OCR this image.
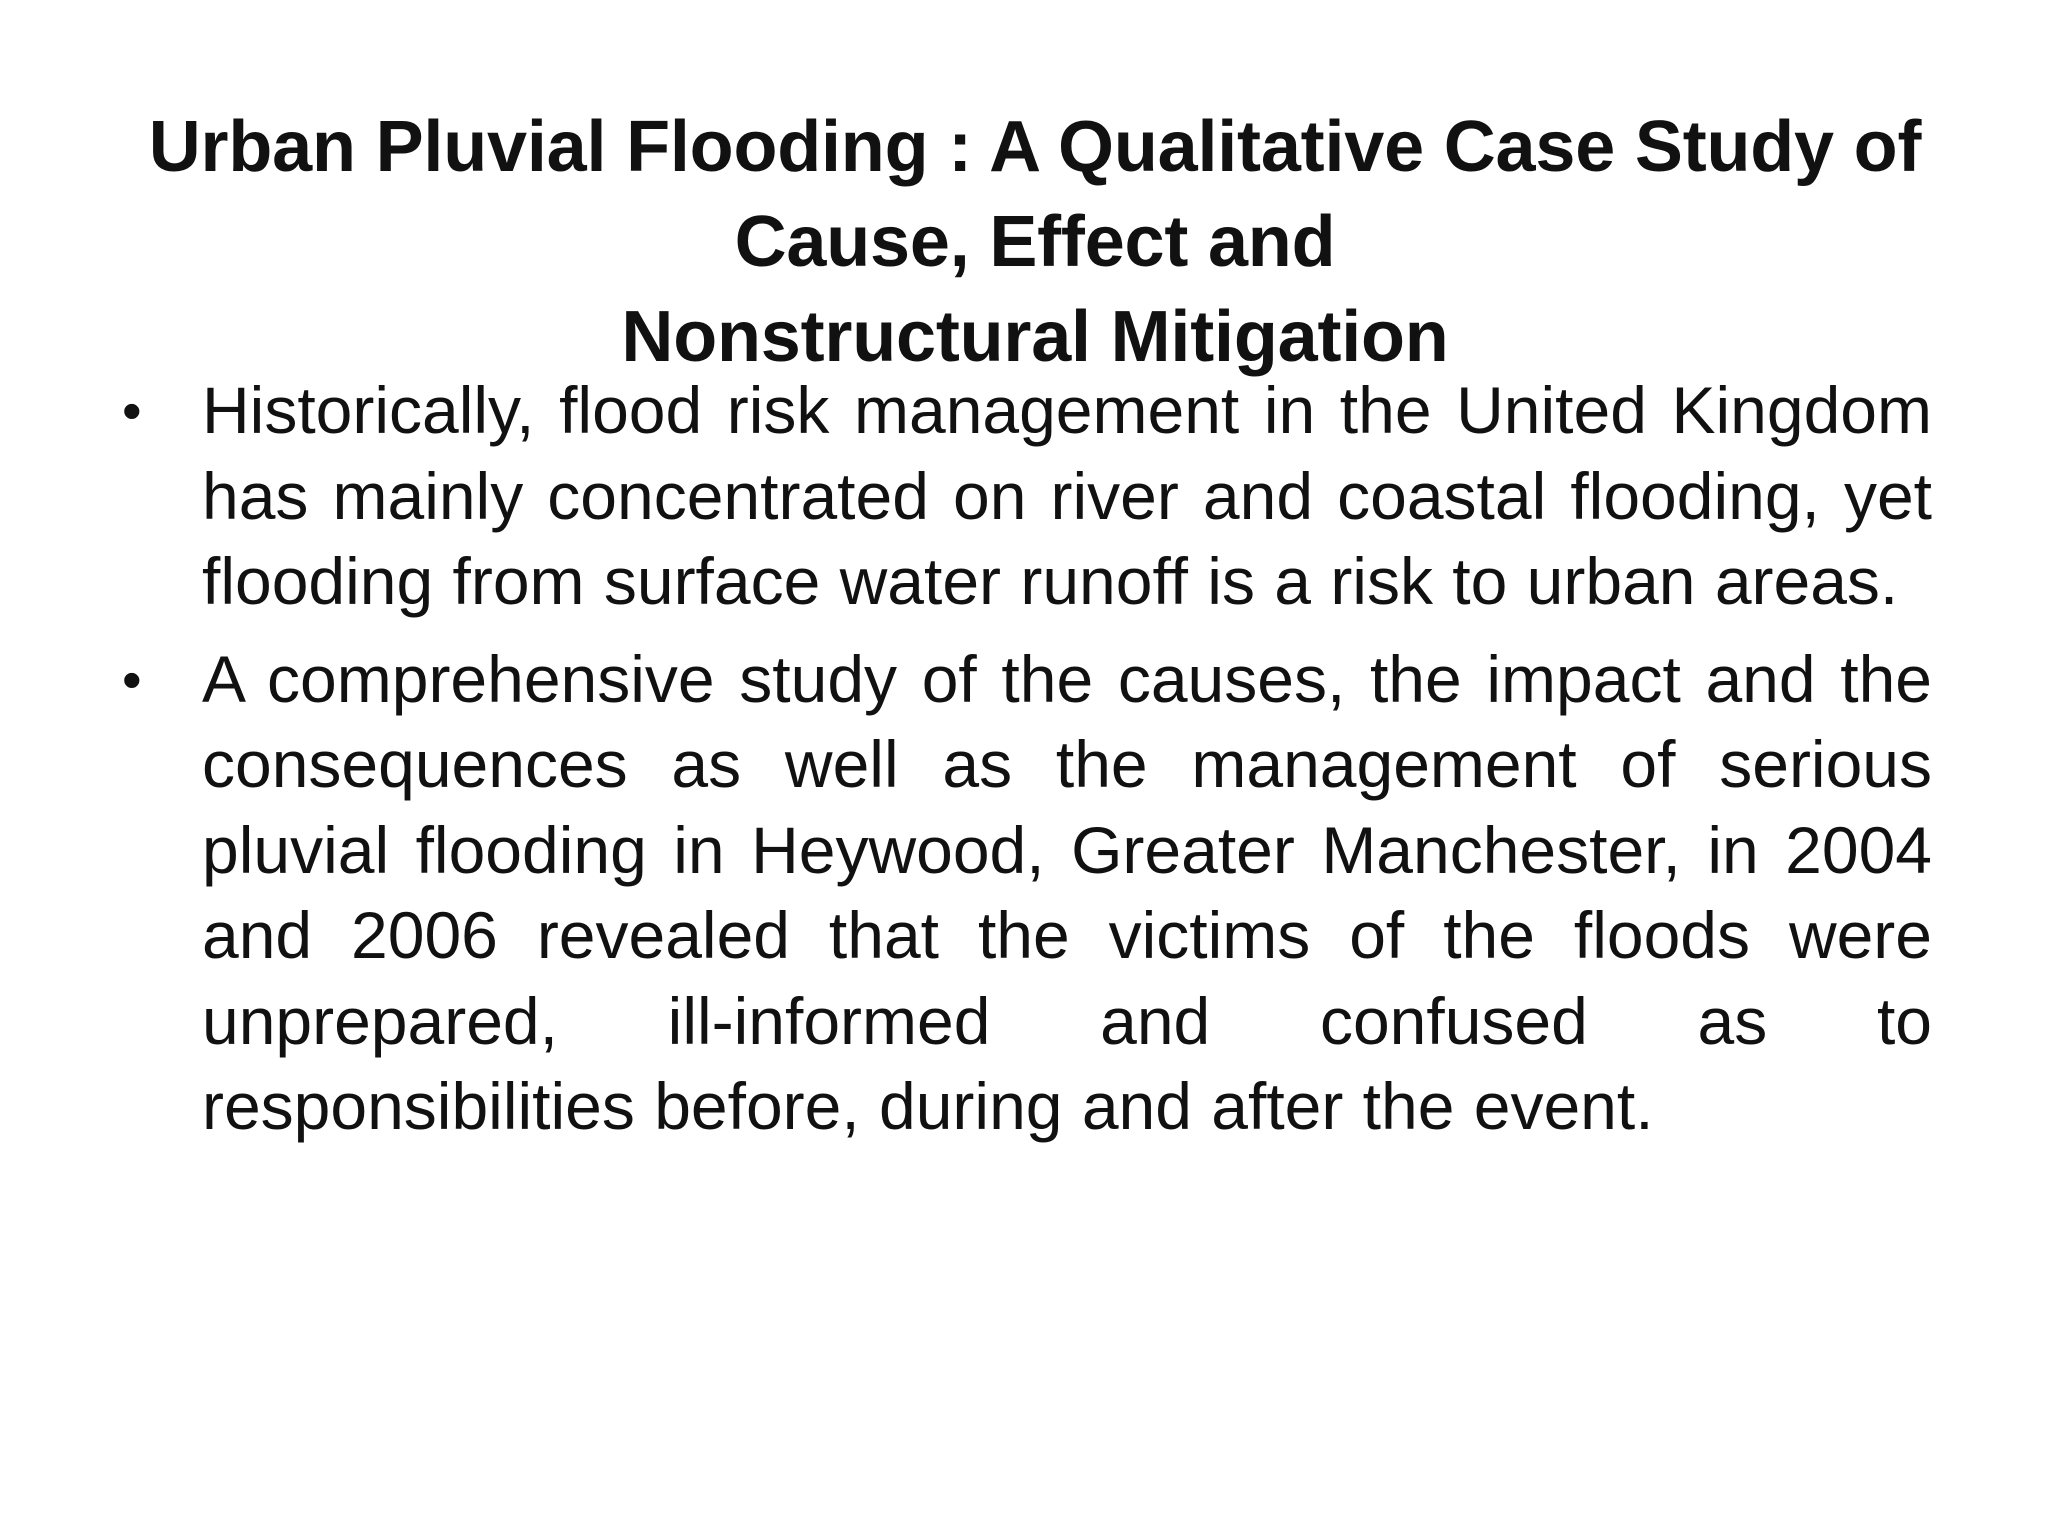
Urban Pluvial Flooding : A Qualitative Case Study of
Cause, Effect and
Nonstructural Mitigation
• Historically, flood risk management in the United Kingdom has mainly concentrated on river and coastal flooding, yet flooding from surface water runoff is a risk to urban areas.
• A comprehensive study of the causes, the impact and the consequences as well as the management of serious pluvial flooding in Heywood, Greater Manchester, in 2004 and 2006 revealed that the victims of the floods were unprepared, ill-informed and confused as to responsibilities before, during and after the event.
